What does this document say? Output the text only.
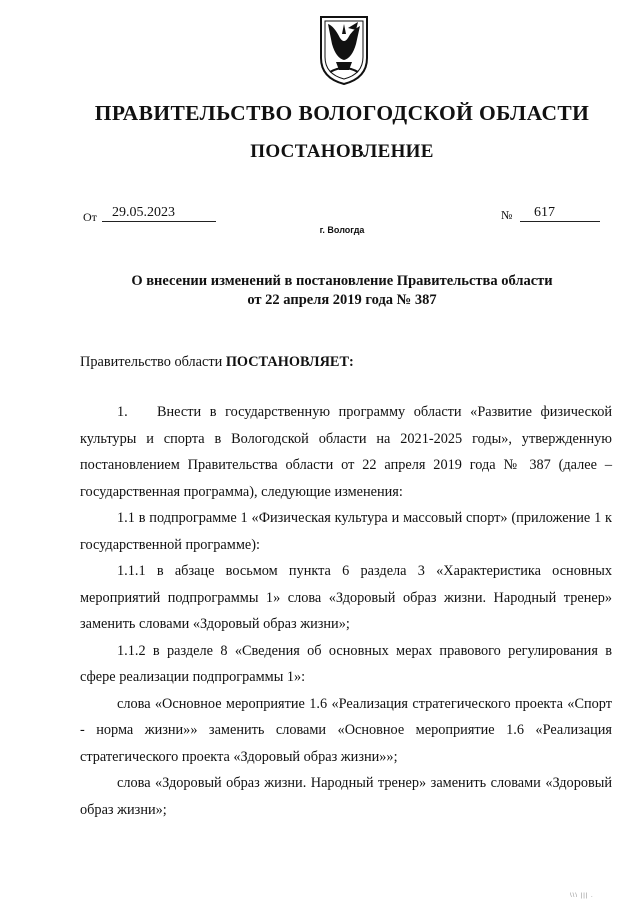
ПРАВИТЕЛЬСТВО ВОЛОГОДСКОЙ ОБЛАСТИ
ПОСТАНОВЛЕНИЕ
От	29.05.2023	№	617
г. Вологда
О внесении изменений в постановление Правительства области
от 22 апреля 2019 года № 387
Правительство области ПОСТАНОВЛЯЕТ:

1. Внести в государственную программу области «Развитие физической культуры и спорта в Вологодской области на 2021-2025 годы», утвержденную постановлением Правительства области от 22 апреля 2019 года № 387 (далее – государственная программа), следующие изменения:

1.1 в подпрограмме 1 «Физическая культура и массовый спорт» (приложение 1 к государственной программе):

1.1.1 в абзаце восьмом пункта 6 раздела 3 «Характеристика основных мероприятий подпрограммы 1» слова «Здоровый образ жизни. Народный тренер» заменить словами «Здоровый образ жизни»;

1.1.2 в разделе 8 «Сведения об основных мерах правового регулирования в сфере реализации подпрограммы 1»:

слова «Основное мероприятие 1.6 «Реализация стратегического проекта «Спорт - норма жизни»» заменить словами «Основное мероприятие 1.6 «Реализация стратегического проекта «Здоровый образ жизни»»;

слова «Здоровый образ жизни. Народный тренер» заменить словами «Здоровый образ жизни»;

\\\ ||| .
